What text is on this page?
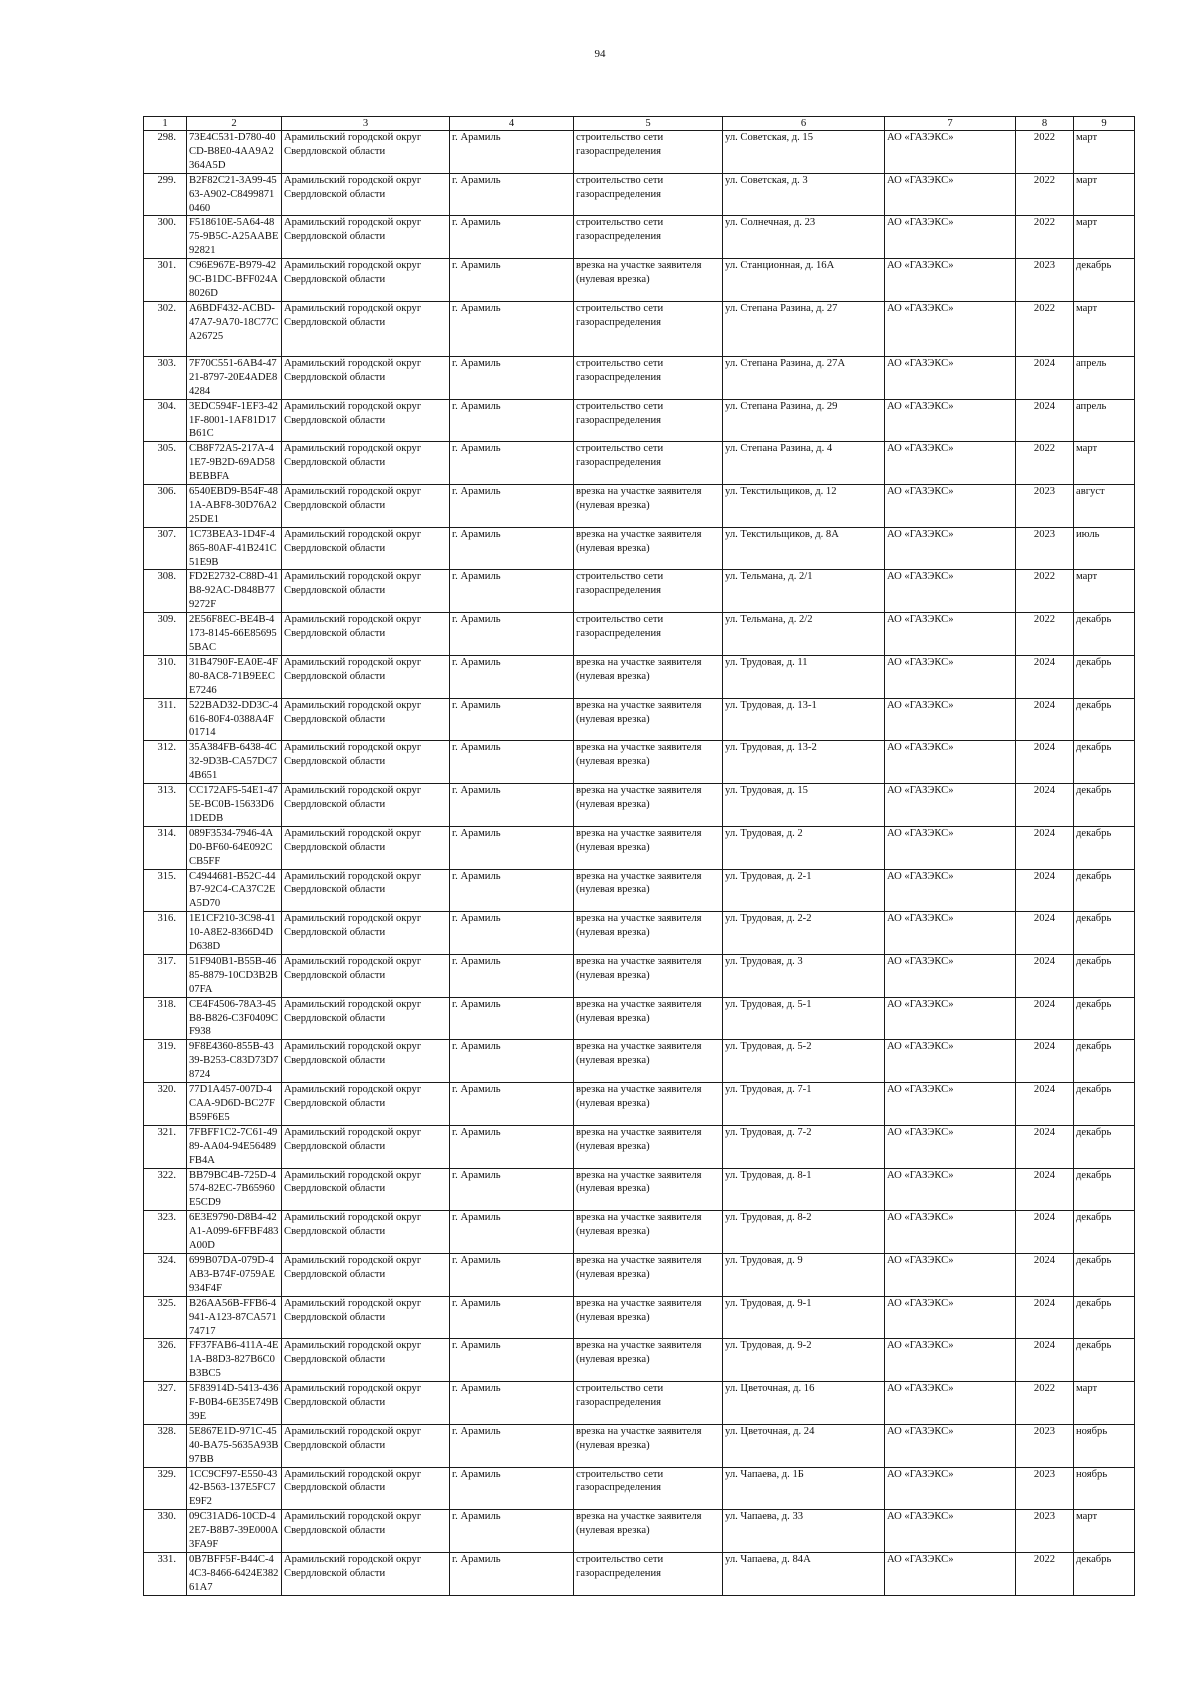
94
1	2	3	4	5	6	7	8	9
298.	73E4C531-D780-40CD-B8E0-4AA9A2364A5D	Арамильский городской округ Свердловской области	г. Арамиль	строительство сети газораспределения	ул. Советская, д. 15	АО «ГАЗЭКС»	2022	март
299.	B2F82C21-3A99-4563-A902-C84998710460	Арамильский городской округ Свердловской области	г. Арамиль	строительство сети газораспределения	ул. Советская, д. 3	АО «ГАЗЭКС»	2022	март
300.	F518610E-5A64-4875-9B5C-A25AABE92821	Арамильский городской округ Свердловской области	г. Арамиль	строительство сети газораспределения	ул. Солнечная, д. 23	АО «ГАЗЭКС»	2022	март
301.	C96E967E-B979-429C-B1DC-BFF024A8026D	Арамильский городской округ Свердловской области	г. Арамиль	врезка на участке заявителя (нулевая врезка)	ул. Станционная, д. 16А	АО «ГАЗЭКС»	2023	декабрь
302.	A6BDF432-ACBD-47A7-9A70-18C77CA26725	Арамильский городской округ Свердловской области	г. Арамиль	строительство сети газораспределения	ул. Степана Разина, д. 27	АО «ГАЗЭКС»	2022	март
303.	7F70C551-6AB4-4721-8797-20E4ADE84284	Арамильский городской округ Свердловской области	г. Арамиль	строительство сети газораспределения	ул. Степана Разина, д. 27А	АО «ГАЗЭКС»	2024	апрель
304.	3EDC594F-1EF3-421F-8001-1AF81D17B61C	Арамильский городской округ Свердловской области	г. Арамиль	строительство сети газораспределения	ул. Степана Разина, д. 29	АО «ГАЗЭКС»	2024	апрель
305.	CB8F72A5-217A-41E7-9B2D-69AD58BEBBFA	Арамильский городской округ Свердловской области	г. Арамиль	строительство сети газораспределения	ул. Степана Разина, д. 4	АО «ГАЗЭКС»	2022	март
306.	6540EBD9-B54F-481A-ABF8-30D76A225DE1	Арамильский городской округ Свердловской области	г. Арамиль	врезка на участке заявителя (нулевая врезка)	ул. Текстильщиков, д. 12	АО «ГАЗЭКС»	2023	август
307.	1C73BEA3-1D4F-4865-80AF-41B241C51E9B	Арамильский городской округ Свердловской области	г. Арамиль	врезка на участке заявителя (нулевая врезка)	ул. Текстильщиков, д. 8А	АО «ГАЗЭКС»	2023	июль
308.	FD2E2732-C88D-41B8-92AC-D848B779272F	Арамильский городской округ Свердловской области	г. Арамиль	строительство сети газораспределения	ул. Тельмана, д. 2/1	АО «ГАЗЭКС»	2022	март
309.	2E56F8EC-BE4B-4173-8145-66E856955BAC	Арамильский городской округ Свердловской области	г. Арамиль	строительство сети газораспределения	ул. Тельмана, д. 2/2	АО «ГАЗЭКС»	2022	декабрь
310.	31B4790F-EA0E-4F80-8AC8-71B9EECE7246	Арамильский городской округ Свердловской области	г. Арамиль	врезка на участке заявителя (нулевая врезка)	ул. Трудовая, д. 11	АО «ГАЗЭКС»	2024	декабрь
311.	522BAD32-DD3C-4616-80F4-0388A4F01714	Арамильский городской округ Свердловской области	г. Арамиль	врезка на участке заявителя (нулевая врезка)	ул. Трудовая, д. 13-1	АО «ГАЗЭКС»	2024	декабрь
312.	35A384FB-6438-4C32-9D3B-CA57DC74B651	Арамильский городской округ Свердловской области	г. Арамиль	врезка на участке заявителя (нулевая врезка)	ул. Трудовая, д. 13-2	АО «ГАЗЭКС»	2024	декабрь
313.	CC172AF5-54E1-475E-BC0B-15633D61DEDB	Арамильский городской округ Свердловской области	г. Арамиль	врезка на участке заявителя (нулевая врезка)	ул. Трудовая, д. 15	АО «ГАЗЭКС»	2024	декабрь
314.	089F3534-7946-4AD0-BF60-64E092CCB5FF	Арамильский городской округ Свердловской области	г. Арамиль	врезка на участке заявителя (нулевая врезка)	ул. Трудовая, д. 2	АО «ГАЗЭКС»	2024	декабрь
315.	C4944681-B52C-44B7-92C4-CA37C2EA5D70	Арамильский городской округ Свердловской области	г. Арамиль	врезка на участке заявителя (нулевая врезка)	ул. Трудовая, д. 2-1	АО «ГАЗЭКС»	2024	декабрь
316.	1E1CF210-3C98-4110-A8E2-8366D4DD638D	Арамильский городской округ Свердловской области	г. Арамиль	врезка на участке заявителя (нулевая врезка)	ул. Трудовая, д. 2-2	АО «ГАЗЭКС»	2024	декабрь
317.	51F940B1-B55B-4685-8879-10CD3B2B07FA	Арамильский городской округ Свердловской области	г. Арамиль	врезка на участке заявителя (нулевая врезка)	ул. Трудовая, д. 3	АО «ГАЗЭКС»	2024	декабрь
318.	CE4F4506-78A3-45B8-B826-C3F0409CF938	Арамильский городской округ Свердловской области	г. Арамиль	врезка на участке заявителя (нулевая врезка)	ул. Трудовая, д. 5-1	АО «ГАЗЭКС»	2024	декабрь
319.	9F8E4360-855B-4339-B253-C83D73D78724	Арамильский городской округ Свердловской области	г. Арамиль	врезка на участке заявителя (нулевая врезка)	ул. Трудовая, д. 5-2	АО «ГАЗЭКС»	2024	декабрь
320.	77D1A457-007D-4CAA-9D6D-BC27FB59F6E5	Арамильский городской округ Свердловской области	г. Арамиль	врезка на участке заявителя (нулевая врезка)	ул. Трудовая, д. 7-1	АО «ГАЗЭКС»	2024	декабрь
321.	7FBFF1C2-7C61-4989-AA04-94E56489FB4A	Арамильский городской округ Свердловской области	г. Арамиль	врезка на участке заявителя (нулевая врезка)	ул. Трудовая, д. 7-2	АО «ГАЗЭКС»	2024	декабрь
322.	BB79BC4B-725D-4574-82EC-7B65960E5CD9	Арамильский городской округ Свердловской области	г. Арамиль	врезка на участке заявителя (нулевая врезка)	ул. Трудовая, д. 8-1	АО «ГАЗЭКС»	2024	декабрь
323.	6E3E9790-D8B4-42A1-A099-6FFBF483A00D	Арамильский городской округ Свердловской области	г. Арамиль	врезка на участке заявителя (нулевая врезка)	ул. Трудовая, д. 8-2	АО «ГАЗЭКС»	2024	декабрь
324.	699B07DA-079D-4AB3-B74F-0759AE934F4F	Арамильский городской округ Свердловской области	г. Арамиль	врезка на участке заявителя (нулевая врезка)	ул. Трудовая, д. 9	АО «ГАЗЭКС»	2024	декабрь
325.	B26AA56B-FFB6-4941-A123-87CA57174717	Арамильский городской округ Свердловской области	г. Арамиль	врезка на участке заявителя (нулевая врезка)	ул. Трудовая, д. 9-1	АО «ГАЗЭКС»	2024	декабрь
326.	FF37FAB6-411A-4E1A-B8D3-827B6C0B3BC5	Арамильский городской округ Свердловской области	г. Арамиль	врезка на участке заявителя (нулевая врезка)	ул. Трудовая, д. 9-2	АО «ГАЗЭКС»	2024	декабрь
327.	5F83914D-5413-436F-B0B4-6E35E749B39E	Арамильский городской округ Свердловской области	г. Арамиль	строительство сети газораспределения	ул. Цветочная, д. 16	АО «ГАЗЭКС»	2022	март
328.	5E867E1D-971C-4540-BA75-5635A93B97BB	Арамильский городской округ Свердловской области	г. Арамиль	врезка на участке заявителя (нулевая врезка)	ул. Цветочная, д. 24	АО «ГАЗЭКС»	2023	ноябрь
329.	1CC9CF97-E550-4342-B563-137E5FC7E9F2	Арамильский городской округ Свердловской области	г. Арамиль	строительство сети газораспределения	ул. Чапаева, д. 1Б	АО «ГАЗЭКС»	2023	ноябрь
330.	09C31AD6-10CD-42E7-B8B7-39E000A3FA9F	Арамильский городской округ Свердловской области	г. Арамиль	врезка на участке заявителя (нулевая врезка)	ул. Чапаева, д. 33	АО «ГАЗЭКС»	2023	март
331.	0B7BFF5F-B44C-44C3-8466-6424E38261A7	Арамильский городской округ Свердловской области	г. Арамиль	строительство сети газораспределения	ул. Чапаева, д. 84А	АО «ГАЗЭКС»	2022	декабрь
